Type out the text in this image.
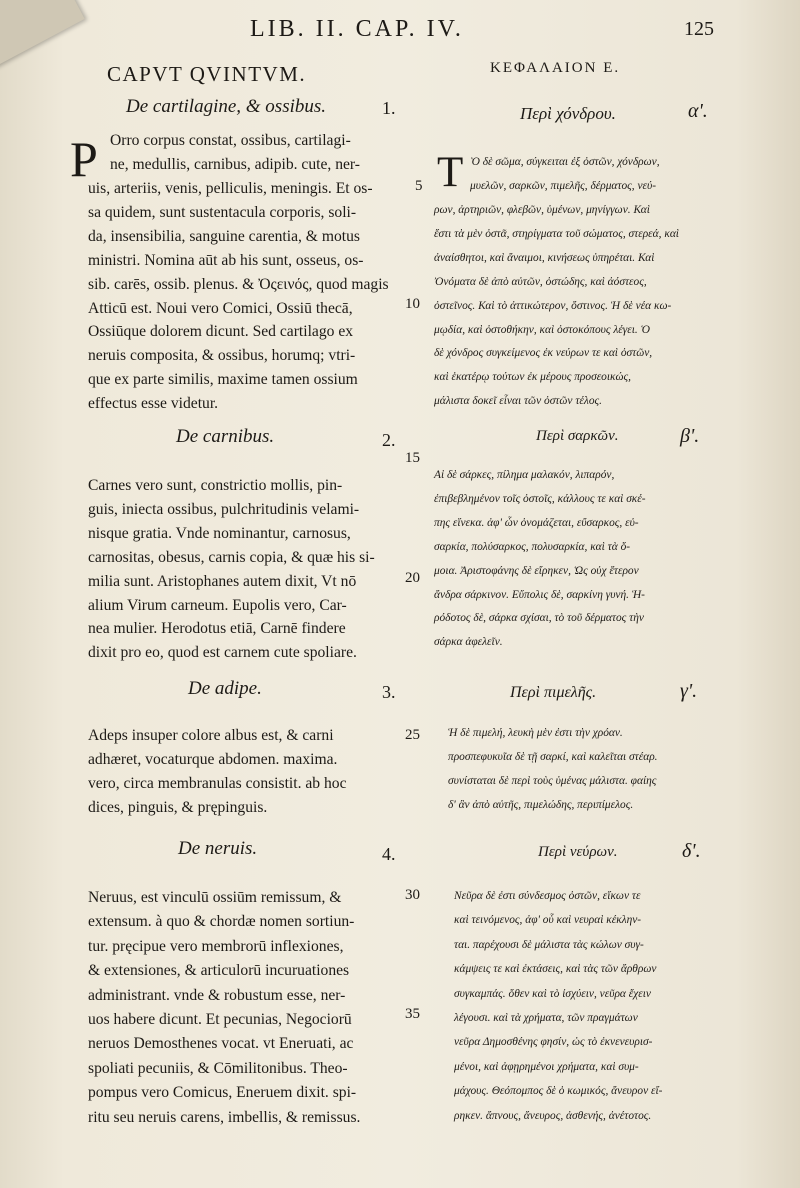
LIB. II. CAP. IV.	125
CAPVT QVINTVM.	ΚΕΦΑΛΑΙΟΝ Ε.
De cartilagine, & ossibus.	1.
P Orro corpus constat, ossibus, cartilagi-
ne, medullis, carnibus, adipib. cute, ner-
uis, arteriis, venis, pelliculis, meningis. Et os-
sa quidem, sunt sustentacula corporis, soli-
da, insensibilia, sanguine carentia, & motus
ministri. Nomina aūt ab his sunt, osseus, os-
sib. carēs, ossib. plenus. & Ὀςεινός, quod magis
Atticū est. Noui vero Comici, Ossiū thecā,
Ossiūque dolorem dicunt. Sed cartilago ex
neruis composita, & ossibus, horumq; vtri-
que ex parte similis, maxime tamen ossium
effectus esse videtur.
De carnibus.	2.
Carnes vero sunt, constrictio mollis, pin-
guis, iniecta ossibus, pulchritudinis velami-
nisque gratia. Vnde nominantur, carnosus,
carnositas, obesus, carnis copia, & quæ his si-
milia sunt. Aristophanes autem dixit, Vt nō
alium Virum carneum. Eupolis vero, Car-
nea mulier. Herodotus etiā, Carnē findere
dixit pro eo, quod est carnem cute spoliare.
De adipe.	3.
Adeps insuper colore albus est, & carni
adhæret, vocaturque abdomen. maxima.
vero, circa membranulas consistit. ab hoc
dices, pinguis, & prępinguis.
De neruis.	4.
Neruus, est vinculū ossiūm remissum, &
extensum. à quo & chordæ nomen sortiun-
tur. pręcipue vero membrorū inflexiones,
& extensiones, & articulorū incuruationes
administrant. vnde & robustum esse, ner-
uos habere dicunt. Et pecunias, Negociorū
neruos Demosthenes vocat. vt Eneruati, ac
spoliati pecuniis, & Cōmilitonibus. Theo-
pompus vero Comicus, Eneruem dixit. spi-
ritu seu neruis carens, imbellis, & remissus.
5
10
15
20
25
30
35
Περὶ χόνδρου.	α'.
Τ Ὸ δὲ σῶμα, σύγκειται ἐξ ὀστῶν, χόνδρων,
μυελῶν, σαρκῶν, πιμελῆς, δέρματος, νεύ-
ρων, ἀρτηριῶν, φλεβῶν, ὑμένων, μηνίγγων. Καὶ
ἔστι τὰ μὲν ὀστᾶ, στηρίγματα τοῦ σώματος, στερεά, καὶ
ἀναίσθητοι, καὶ ἄναιμοι, κινήσεως ὑπηρέται. Καὶ
Ὀνόματα δὲ ἀπὸ αὐτῶν, ὀστώδης, καὶ ἀόστεος,
ὀστεῖνος. Καὶ τὸ ἀττικώτερον, ὄστινος. Ἡ δὲ νέα κω-
μῳδία, καὶ ὀστοθήκην, καὶ ὀστοκόπους λέγει. Ὁ
δὲ χόνδρος συγκείμενος ἐκ νεύρων τε καὶ ὀστῶν,
καὶ ἑκατέρῳ τούτων ἐκ μέρους προσεοικώς,
μάλιστα δοκεῖ εἶναι τῶν ὀστῶν τέλος.
Περὶ σαρκῶν.	β'.
Αἱ δὲ σάρκες, πίλημα μαλακόν, λιπαρόν,
ἐπιβεβλημένον τοῖς ὀστοῖς, κάλλους τε καὶ σκέ-
πης εἵνεκα. ἀφ' ὧν ὀνομάζεται, εὔσαρκος, εὐ-
σαρκία, πολύσαρκος, πολυσαρκία, καὶ τὰ ὅ-
μοια. Ἀριστοφάνης δὲ εἴρηκεν, Ὡς οὐχ ἕτερον
ἄνδρα σάρκινον. Εὔπολις δὲ, σαρκίνη γυνή. Ἡ-
ρόδοτος δὲ, σάρκα σχίσαι, τὸ τοῦ δέρματος τὴν
σάρκα ἀφελεῖν.
Περὶ πιμελῆς.	γ'.
Ἡ δὲ πιμελή, λευκὴ μὲν ἐστι τὴν χρόαν.
προσπεφυκυῖα δὲ τῇ σαρκί, καὶ καλεῖται στέαρ.
συνίσταται δὲ περὶ τοὺς ὑμένας μάλιστα. φαίης
δ' ἂν ἀπὸ αὐτῆς, πιμελώδης, περιπίμελος.
Περὶ νεύρων.	δ'.
Νεῦρα δὲ ἐστι σύνδεσμος ὀστῶν, εἴκων τε
καὶ τεινόμενος, ἀφ' οὗ καὶ νευραὶ κέκλην-
ται. παρέχουσι δὲ μάλιστα τὰς κώλων συγ-
κάμψεις τε καὶ ἐκτάσεις, καὶ τὰς τῶν ἄρθρων
συγκαμπάς. ὅθεν καὶ τὸ ἰσχύειν, νεῦρα ἔχειν
λέγουσι. καὶ τὰ χρήματα, τῶν πραγμάτων
νεῦρα Δημοσθένης φησίν, ὡς τὸ ἐκνενευρισ-
μένοι, καὶ ἀφῃρημένοι χρήματα, καὶ συμ-
μάχους. Θεόπομπος δὲ ὁ κωμικός, ἄνευρον εἴ-
ρηκεν. ἄπνους, ἄνευρος, ἀσθενής, ἀνέτοτος.
